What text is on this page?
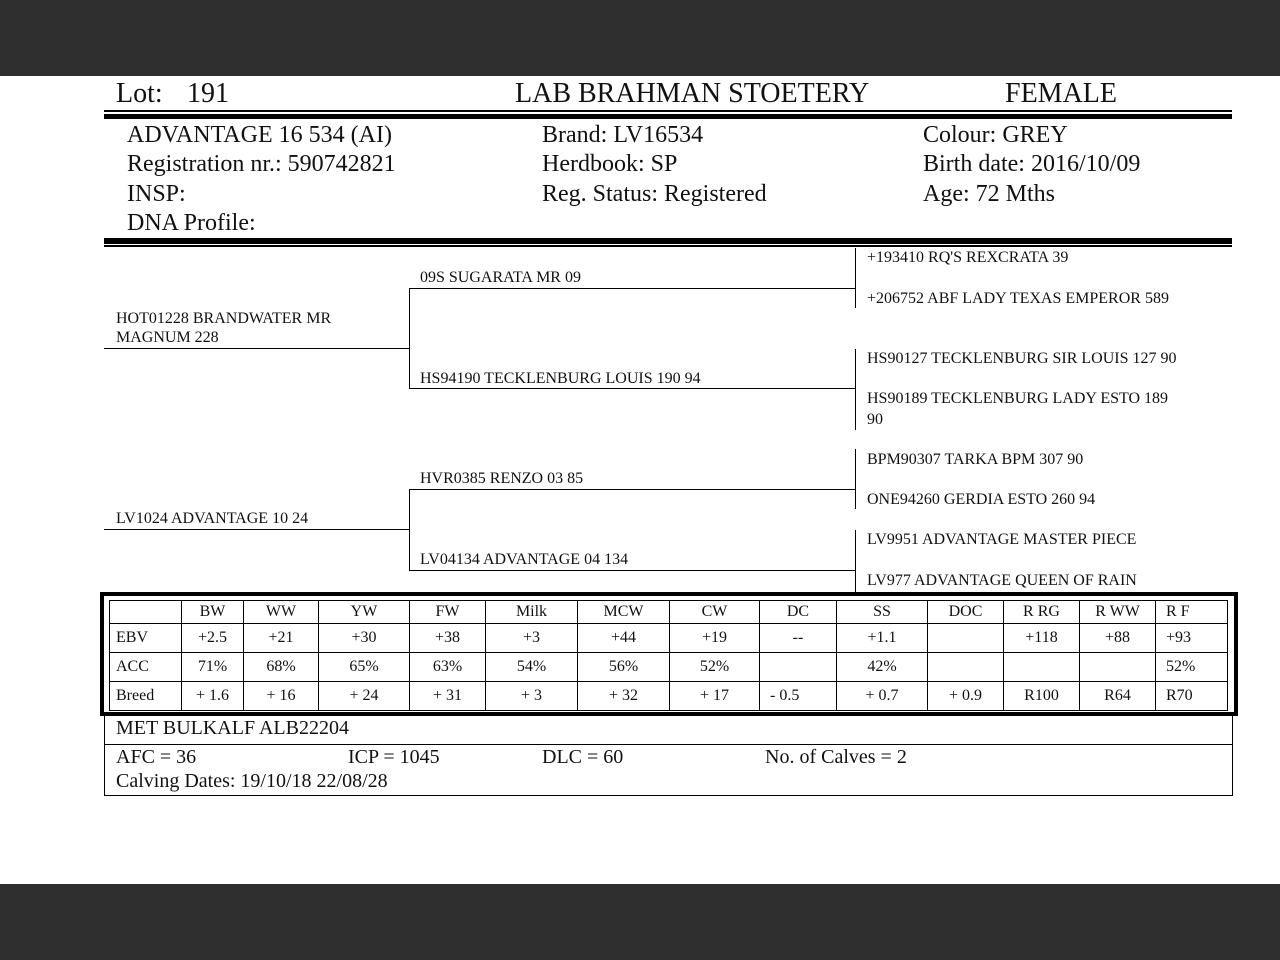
Lot: 191	LAB BRAHMAN STOETERY	FEMALE
ADVANTAGE 16 534 (AI)
Registration nr.: 590742821
INSP:
DNA Profile:
Brand: LV16534
Herdbook: SP
Reg. Status: Registered
Colour: GREY
Birth date: 2016/10/09
Age: 72 Mths
HOT01228 BRANDWATER MR
MAGNUM 228
LV1024 ADVANTAGE 10 24
09S SUGARATA MR 09
HS94190 TECKLENBURG LOUIS 190 94
HVR0385 RENZO 03 85
LV04134 ADVANTAGE 04 134
+193410 RQ'S REXCRATA 39
+206752 ABF LADY TEXAS EMPEROR 589
HS90127 TECKLENBURG SIR LOUIS 127 90
HS90189 TECKLENBURG LADY ESTO 189
90
BPM90307 TARKA BPM 307 90
ONE94260 GERDIA ESTO 260 94
LV9951 ADVANTAGE MASTER PIECE
LV977 ADVANTAGE QUEEN OF RAIN
	BW	WW	YW	FW	Milk	MCW	CW	DC	SS	DOC	R RG	R WW	R F
EBV	+2.5	+21	+30	+38	+3	+44	+19	--	+1.1		+118	+88	+93
ACC	71%	68%	65%	63%	54%	56%	52%		42%				52%
Breed	+ 1.6	+ 16	+ 24	+ 31	+ 3	+ 32	+ 17	- 0.5	+ 0.7	+ 0.9	R100	R64	R70
MET BULKALF ALB22204
AFC = 36	ICP = 1045	DLC = 60	No. of Calves = 2
Calving Dates: 19/10/18 22/08/28
